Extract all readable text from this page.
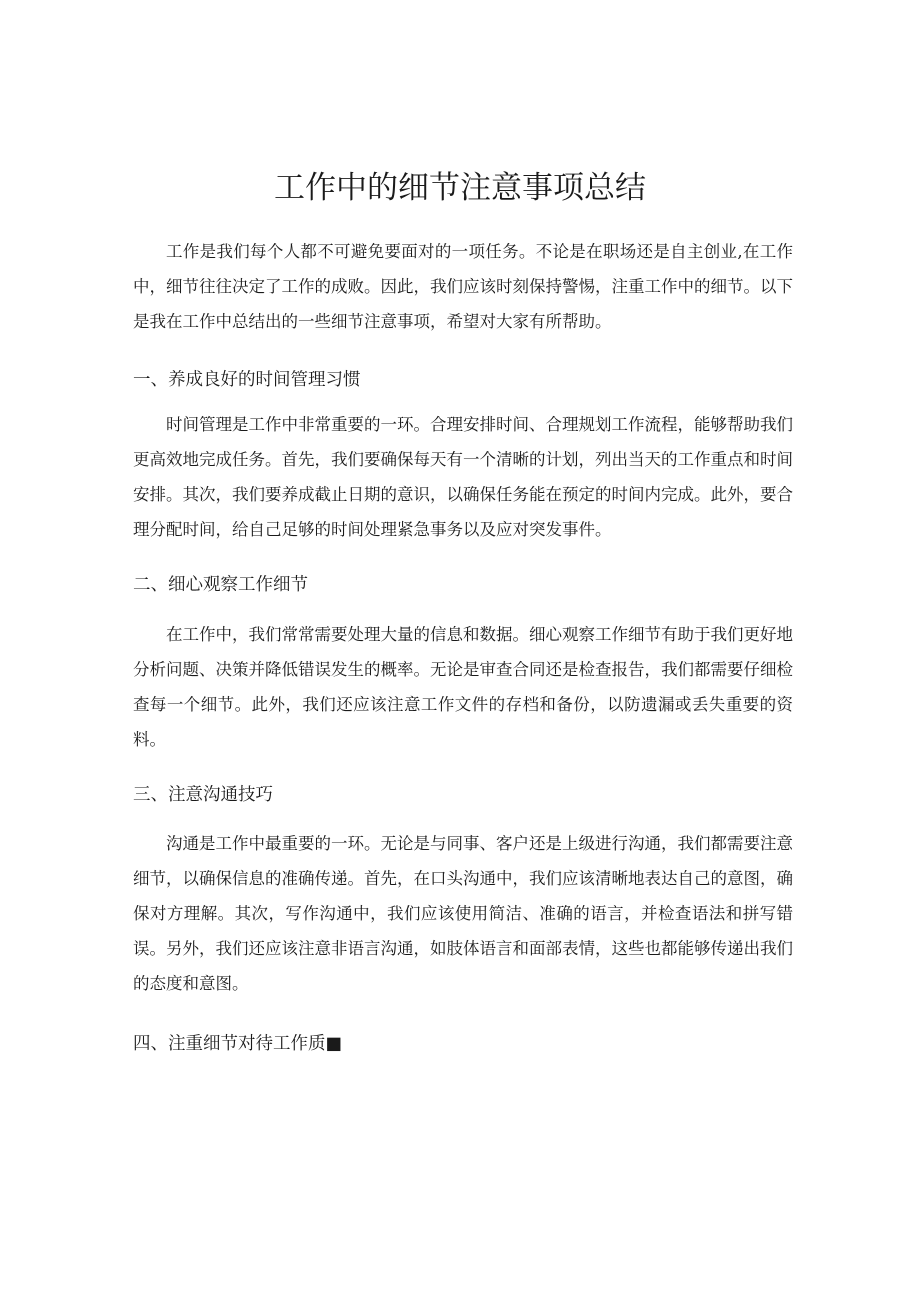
工作中的细节注意事项总结

工作是我们每个人都不可避免要面对的一项任务。不论是在职场还是自主创业,在工作中，细节往往决定了工作的成败。因此，我们应该时刻保持警惕，注重工作中的细节。以下是我在工作中总结出的一些细节注意事项，希望对大家有所帮助。

一、养成良好的时间管理习惯

时间管理是工作中非常重要的一环。合理安排时间、合理规划工作流程，能够帮助我们更高效地完成任务。首先，我们要确保每天有一个清晰的计划，列出当天的工作重点和时间安排。其次，我们要养成截止日期的意识，以确保任务能在预定的时间内完成。此外，要合理分配时间，给自己足够的时间处理紧急事务以及应对突发事件。

二、细心观察工作细节

在工作中，我们常常需要处理大量的信息和数据。细心观察工作细节有助于我们更好地分析问题、决策并降低错误发生的概率。无论是审查合同还是检查报告，我们都需要仔细检查每一个细节。此外，我们还应该注意工作文件的存档和备份，以防遗漏或丢失重要的资料。

三、注意沟通技巧

沟通是工作中最重要的一环。无论是与同事、客户还是上级进行沟通，我们都需要注意细节，以确保信息的准确传递。首先，在口头沟通中，我们应该清晰地表达自己的意图，确保对方理解。其次，写作沟通中，我们应该使用简洁、准确的语言，并检查语法和拼写错误。另外，我们还应该注意非语言沟通，如肢体语言和面部表情，这些也都能够传递出我们的态度和意图。

四、注重细节对待工作质■
